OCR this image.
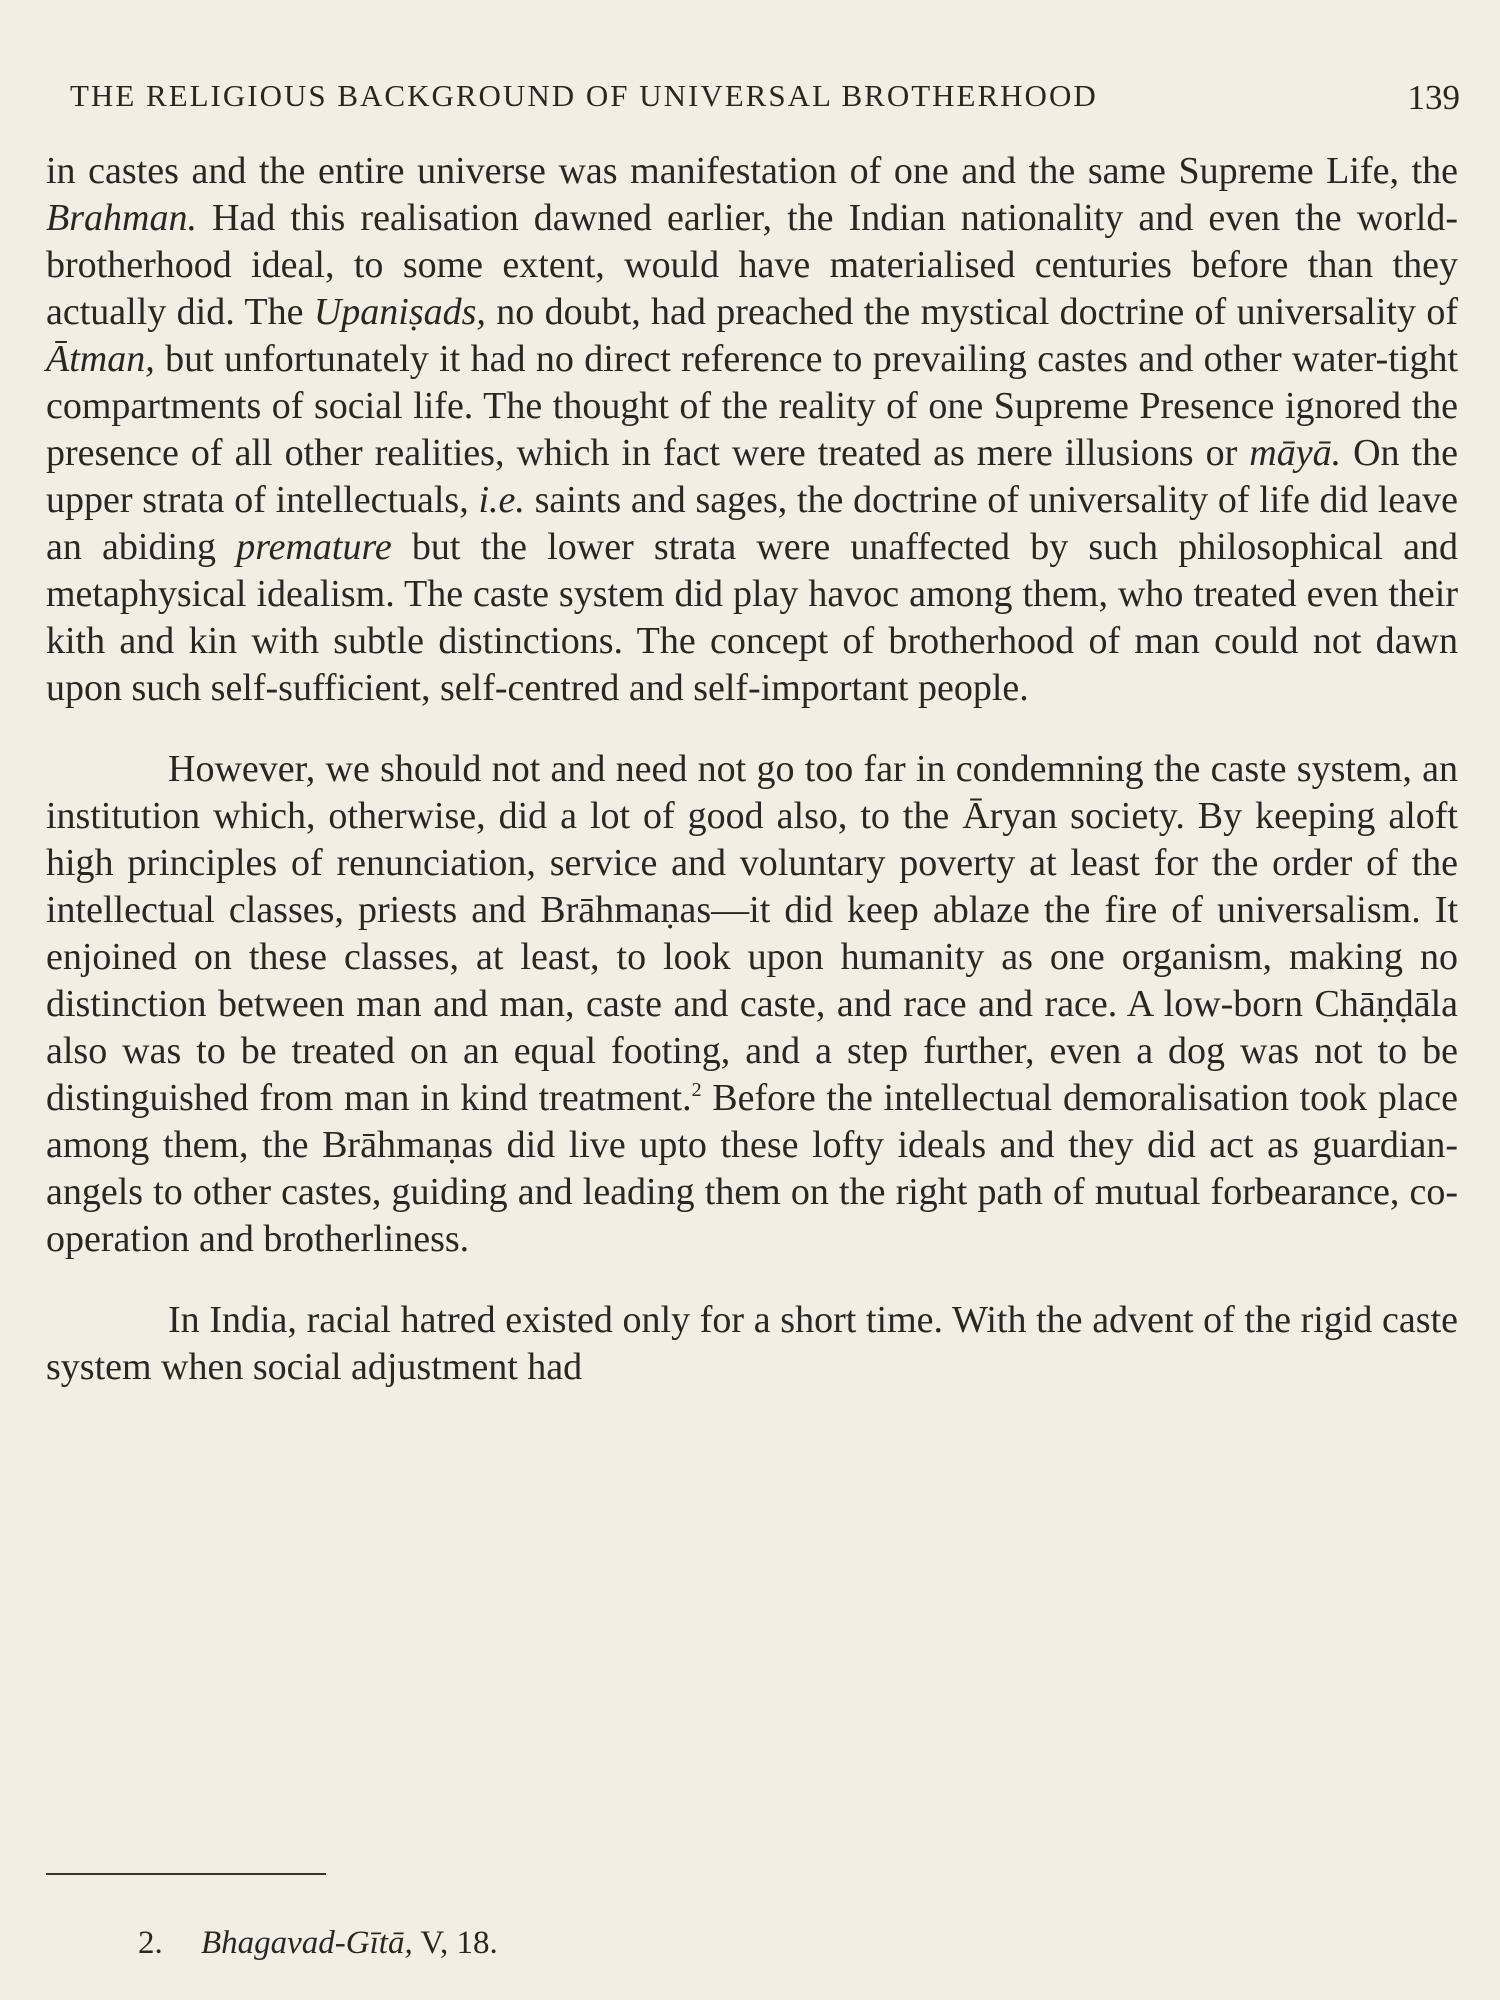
THE RELIGIOUS BACKGROUND OF UNIVERSAL BROTHERHOOD	139

in castes and the entire universe was manifestation of one and the same Supreme Life, the Brahman. Had this realisation dawned earlier, the Indian nationality and even the world-brotherhood ideal, to some extent, would have materialised centuries before than they actually did. The Upaniṣads, no doubt, had preached the mystical doctrine of universality of Ātman, but unfortunately it had no direct reference to prevailing castes and other water-tight compartments of social life. The thought of the reality of one Supreme Presence ignored the presence of all other realities, which in fact were treated as mere illusions or māyā. On the upper strata of intellectuals, i.e. saints and sages, the doctrine of universality of life did leave an abiding premature but the lower strata were unaffected by such philosophical and metaphysical idealism. The caste system did play havoc among them, who treated even their kith and kin with subtle distinctions. The concept of brotherhood of man could not dawn upon such self-sufficient, self-centred and self-important people.

However, we should not and need not go too far in condemning the caste system, an institution which, otherwise, did a lot of good also, to the Āryan society. By keeping aloft high principles of renunciation, service and voluntary poverty at least for the order of the intellectual classes, priests and Brāhmaṇas—it did keep ablaze the fire of universalism. It enjoined on these classes, at least, to look upon humanity as one organism, making no distinction between man and man, caste and caste, and race and race. A low-born Chāṇḍāla also was to be treated on an equal footing, and a step further, even a dog was not to be distinguished from man in kind treatment.$^2$ Before the intellectual demoralisation took place among them, the Brāhmaṇas did live upto these lofty ideals and they did act as guardian-angels to other castes, guiding and leading them on the right path of mutual forbearance, co-operation and brotherliness.

In India, racial hatred existed only for a short time. With the advent of the rigid caste system when social adjustment had

2. Bhagavad-Gītā, V, 18.
